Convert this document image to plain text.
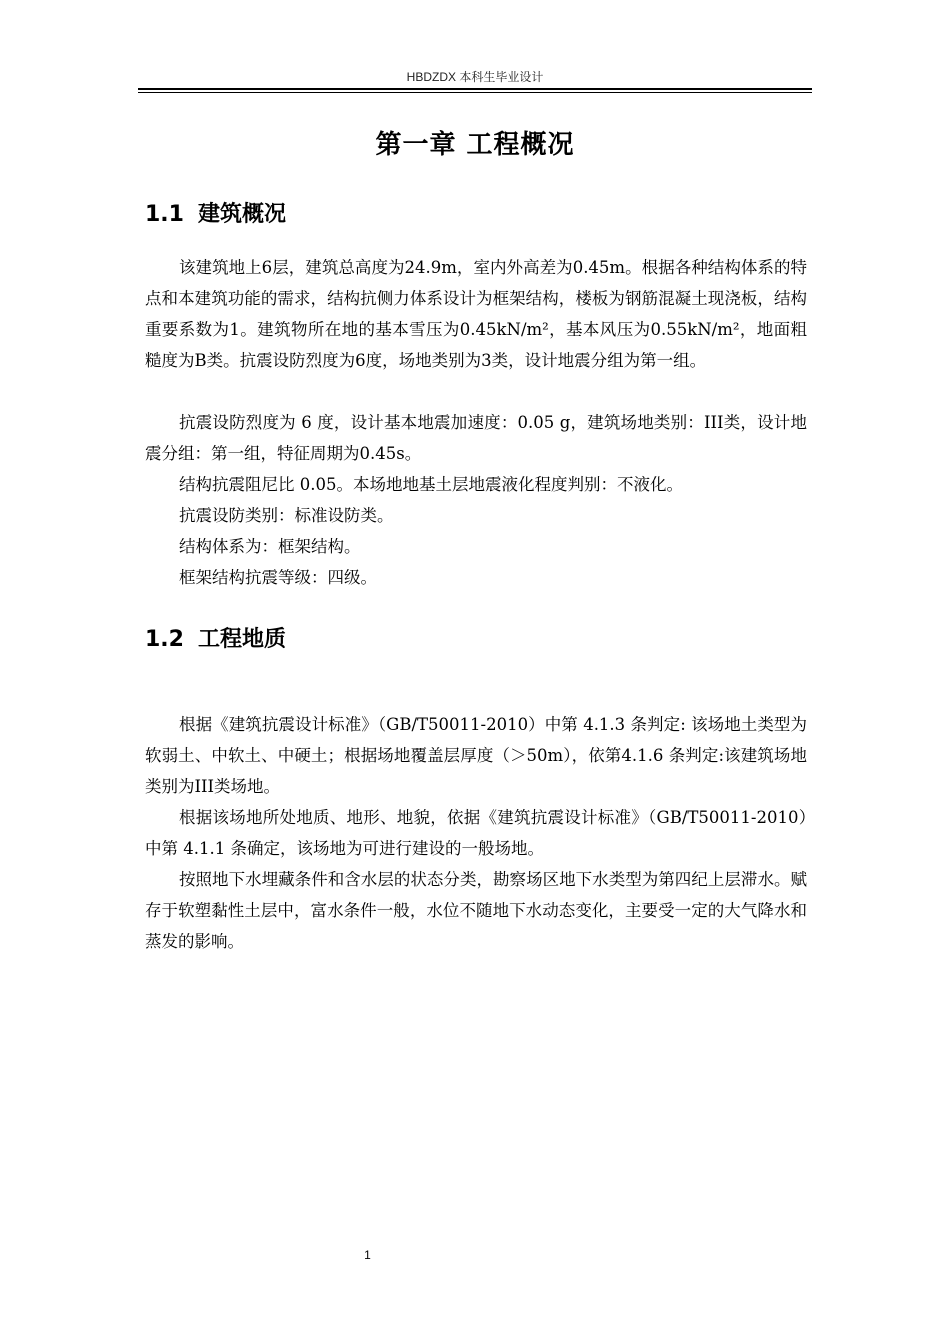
HBDZDX 本科生毕业设计
第一章 工程概况
1.1 建筑概况
该建筑地上6层，建筑总高度为24.9m，室内外高差为0.45m。根据各种结构体系的特点和本建筑功能的需求，结构抗侧力体系设计为框架结构，楼板为钢筋混凝土现浇板，结构重要系数为1。建筑物所在地的基本雪压为0.45kN/m²，基本风压为0.55kN/m²，地面粗糙度为B类。抗震设防烈度为6度，场地类别为3类，设计地震分组为第一组。
抗震设防烈度为 6 度，设计基本地震加速度：0.05 g，建筑场地类别：III类，设计地震分组：第一组，特征周期为0.45s。
结构抗震阻尼比 0.05。本场地地基土层地震液化程度判别：不液化。
抗震设防类别：标准设防类。
结构体系为：框架结构。
框架结构抗震等级：四级。
1.2 工程地质
根据《建筑抗震设计标准》（GB/T50011-2010）中第 4.1.3 条判定: 该场地土类型为软弱土、中软土、中硬土；根据场地覆盖层厚度（＞50m），依第4.1.6 条判定:该建筑场地类别为III类场地。
根据该场地所处地质、地形、地貌，依据《建筑抗震设计标准》（GB/T50011-2010）中第 4.1.1 条确定，该场地为可进行建设的一般场地。
按照地下水埋藏条件和含水层的状态分类，勘察场区地下水类型为第四纪上层滞水。赋存于软塑黏性土层中，富水条件一般，水位不随地下水动态变化，主要受一定的大气降水和蒸发的影响。
1
